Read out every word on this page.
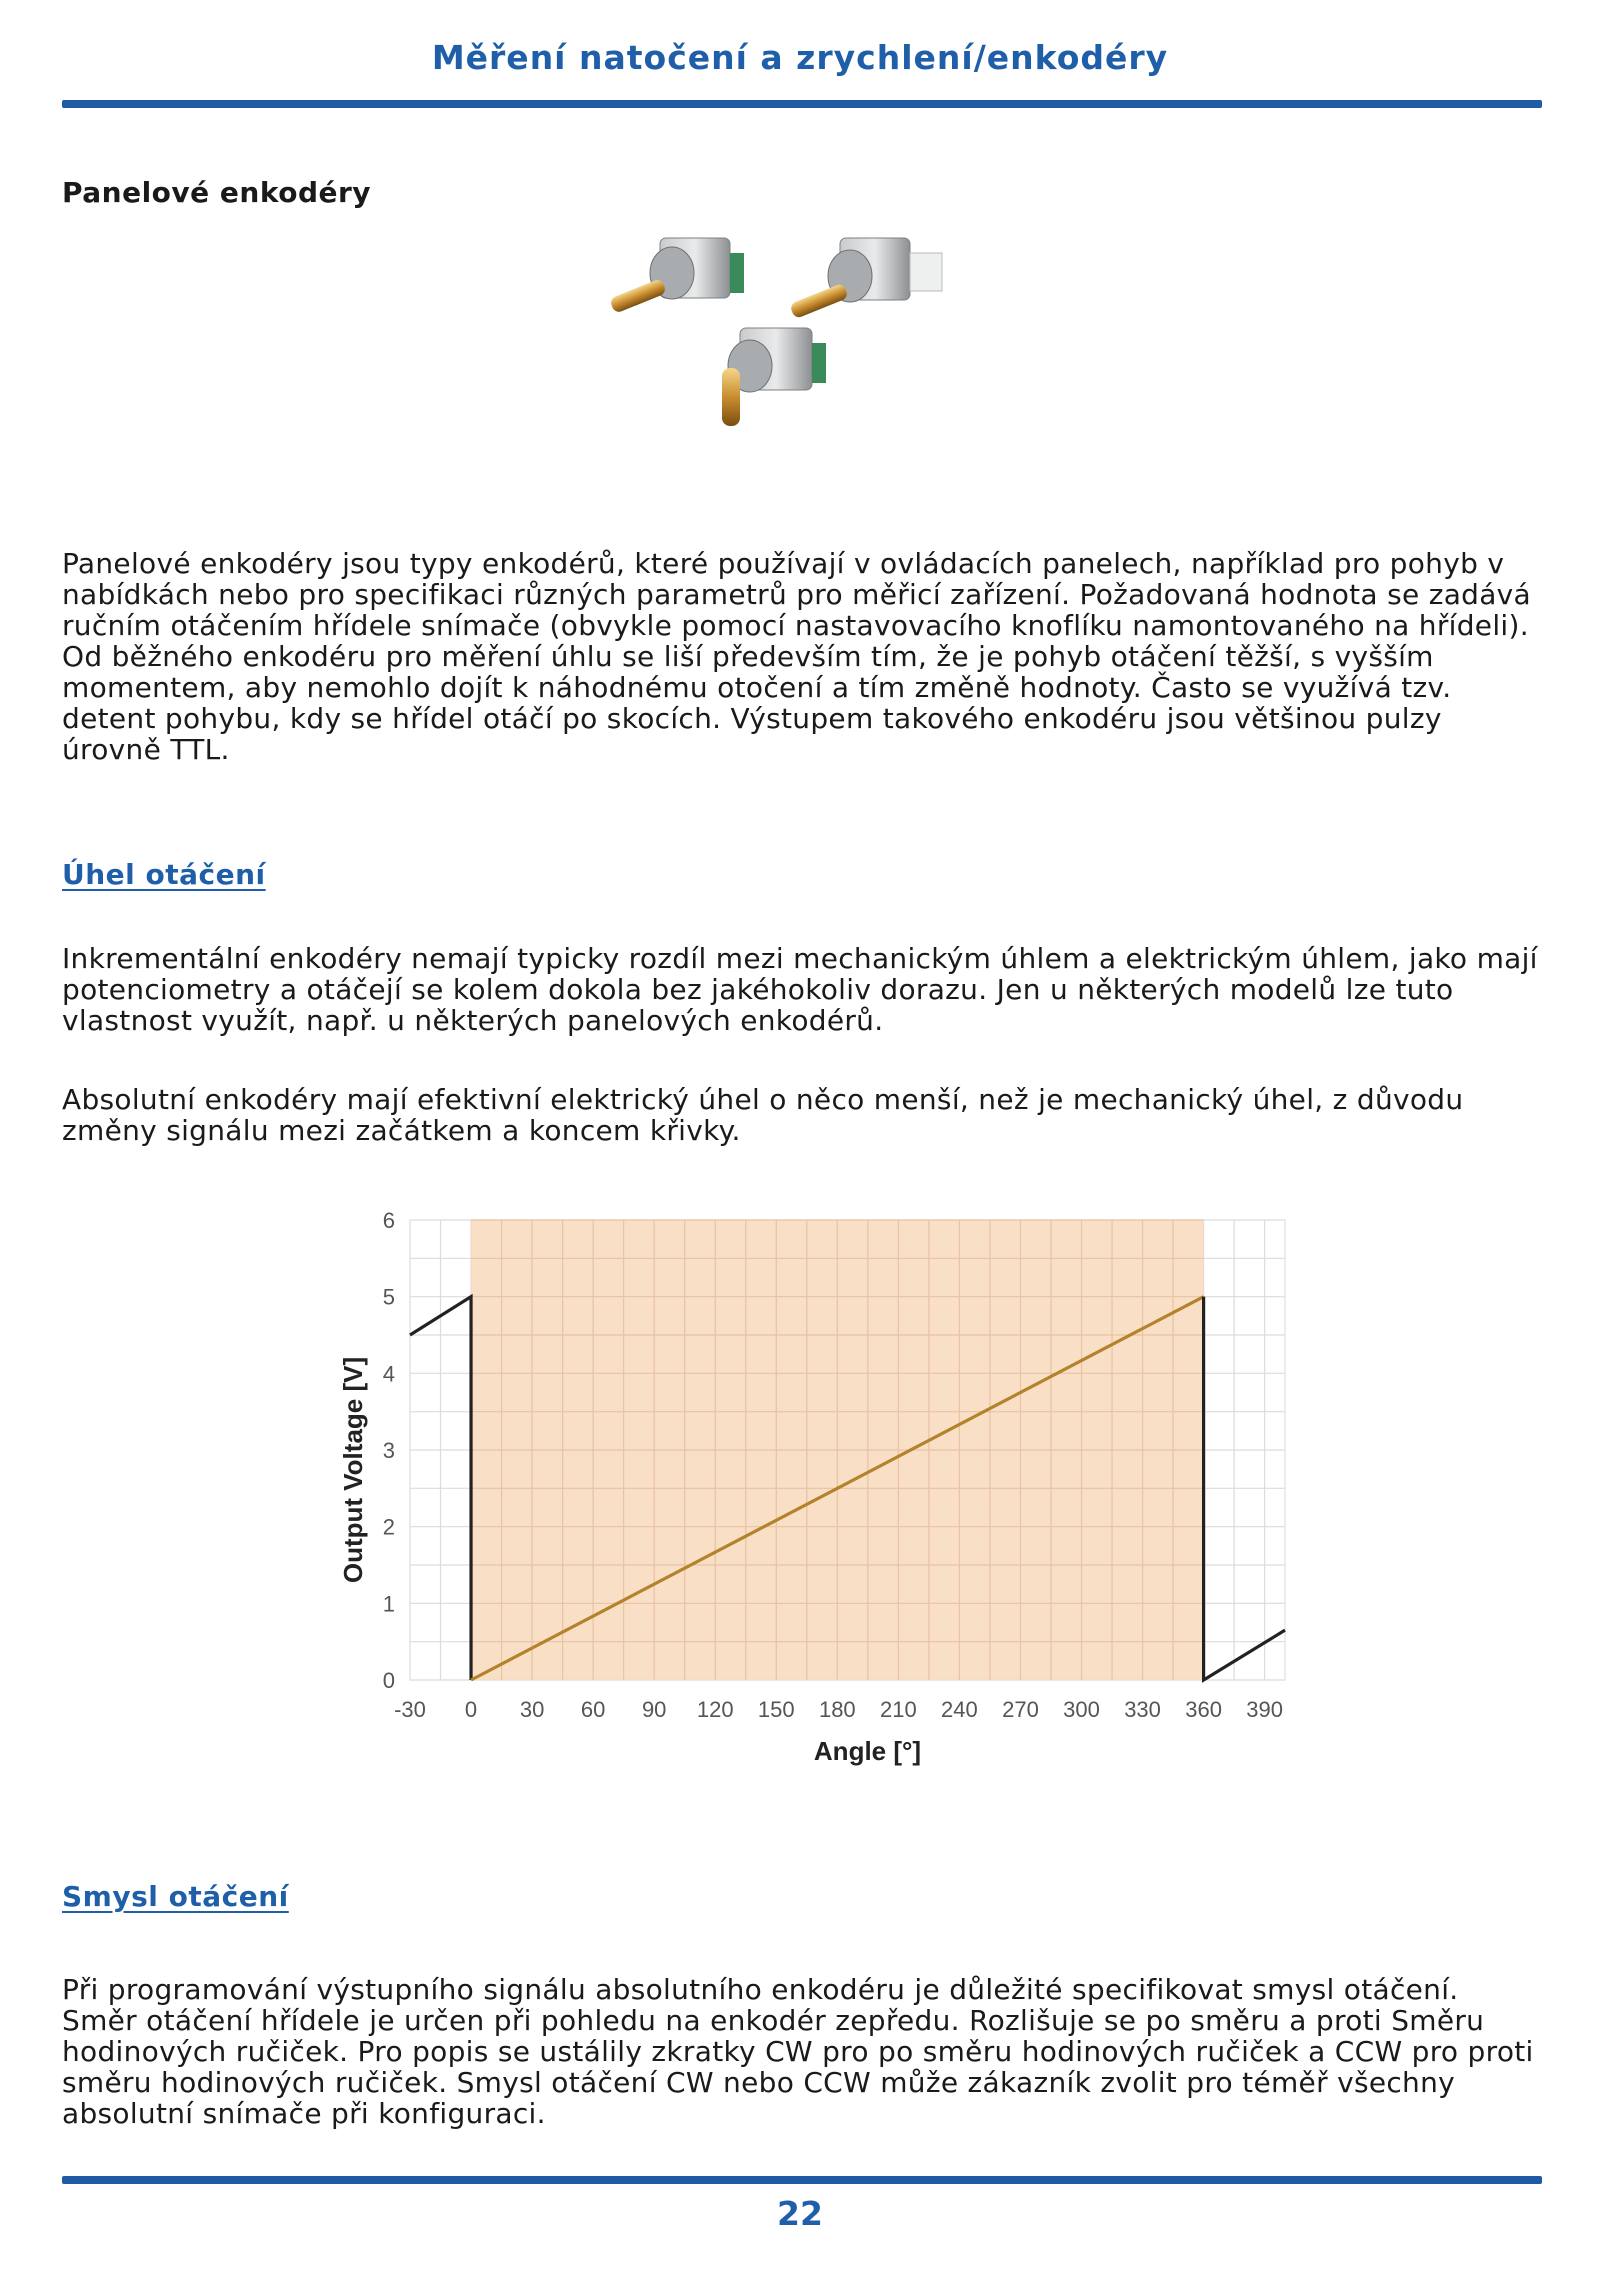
Měření natočení a zrychlení/enkodéry
Panelové enkodéry
Panelové enkodéry jsou typy enkodérů, které používají v ovládacích panelech, například pro pohyb v nabídkách nebo pro specifikaci různých parametrů pro měřicí zařízení. Požadovaná hodnota se zadává ručním otáčením hřídele snímače (obvykle pomocí nastavovacího knoflíku namontovaného na hřídeli). Od běžného enkodéru pro měření úhlu se liší především tím, že je pohyb otáčení těžší, s vyšším momentem, aby nemohlo dojít k náhodnému otočení a tím změně hodnoty. Často se využívá tzv. detent pohybu, kdy se hřídel otáčí po skocích. Výstupem takového enkodéru jsou většinou pulzy úrovně TTL.
Úhel otáčení
Inkrementální enkodéry nemají typicky rozdíl mezi mechanickým úhlem a elektrickým úhlem, jako mají potenciometry a otáčejí se kolem dokola bez jakéhokoliv dorazu. Jen u některých modelů lze tuto vlastnost využít, např. u některých panelových enkodérů.
Absolutní enkodéry mají efektivní elektrický úhel o něco menší, než je mechanický úhel, z důvodu změny signálu mezi začátkem a koncem křivky.
-30 0 30 60 90 120 150 180 210 240 270 300 330 360 390
0
1
2
3
4
5
6
Angle [°]
Output Voltage [V]
Smysl otáčení
Při programování výstupního signálu absolutního enkodéru je důležité specifikovat smysl otáčení. Směr otáčení hřídele je určen při pohledu na enkodér zepředu. Rozlišuje se po směru a proti Směru hodinových ručiček. Pro popis se ustálily zkratky CW pro po směru hodinových ručiček a CCW pro proti směru hodinových ručiček. Smysl otáčení CW nebo CCW může zákazník zvolit pro téměř všechny absolutní snímače při konfiguraci.
22
